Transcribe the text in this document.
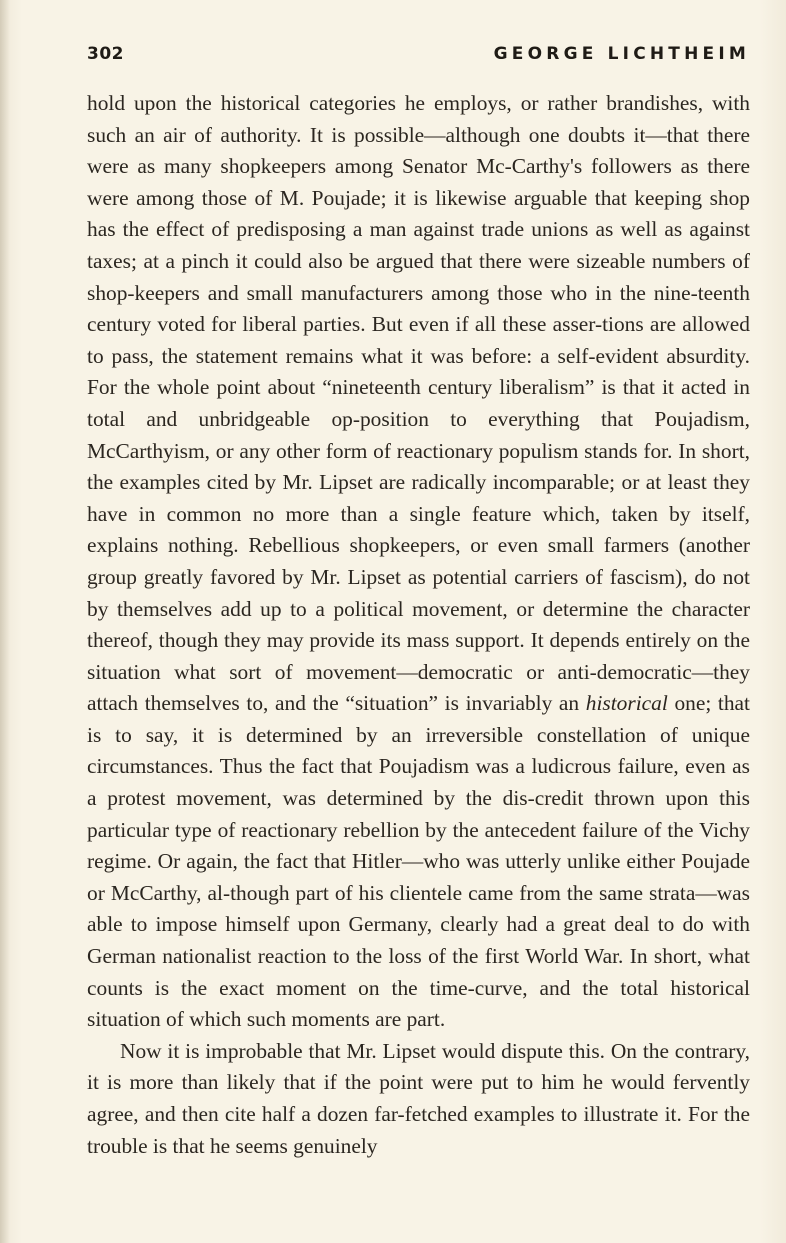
302	GEORGE LICHTHEIM

hold upon the historical categories he employs, or rather brandishes, with such an air of authority. It is possible—although one doubts it—that there were as many shopkeepers among Senator Mc-Carthy's followers as there were among those of M. Poujade; it is likewise arguable that keeping shop has the effect of predisposing a man against trade unions as well as against taxes; at a pinch it could also be argued that there were sizeable numbers of shop-keepers and small manufacturers among those who in the nine-teenth century voted for liberal parties. But even if all these asser-tions are allowed to pass, the statement remains what it was before: a self-evident absurdity. For the whole point about “nineteenth century liberalism” is that it acted in total and unbridgeable op-position to everything that Poujadism, McCarthyism, or any other form of reactionary populism stands for. In short, the examples cited by Mr. Lipset are radically incomparable; or at least they have in common no more than a single feature which, taken by itself, explains nothing. Rebellious shopkeepers, or even small farmers (another group greatly favored by Mr. Lipset as potential carriers of fascism), do not by themselves add up to a political movement, or determine the character thereof, though they may provide its mass support. It depends entirely on the situation what sort of movement—democratic or anti-democratic—they attach themselves to, and the “situation” is invariably an historical one; that is to say, it is determined by an irreversible constellation of unique circumstances. Thus the fact that Poujadism was a ludicrous failure, even as a protest movement, was determined by the dis-credit thrown upon this particular type of reactionary rebellion by the antecedent failure of the Vichy regime. Or again, the fact that Hitler—who was utterly unlike either Poujade or McCarthy, al-though part of his clientele came from the same strata—was able to impose himself upon Germany, clearly had a great deal to do with German nationalist reaction to the loss of the first World War. In short, what counts is the exact moment on the time-curve, and the total historical situation of which such moments are part.

Now it is improbable that Mr. Lipset would dispute this. On the contrary, it is more than likely that if the point were put to him he would fervently agree, and then cite half a dozen far-fetched examples to illustrate it. For the trouble is that he seems genuinely
